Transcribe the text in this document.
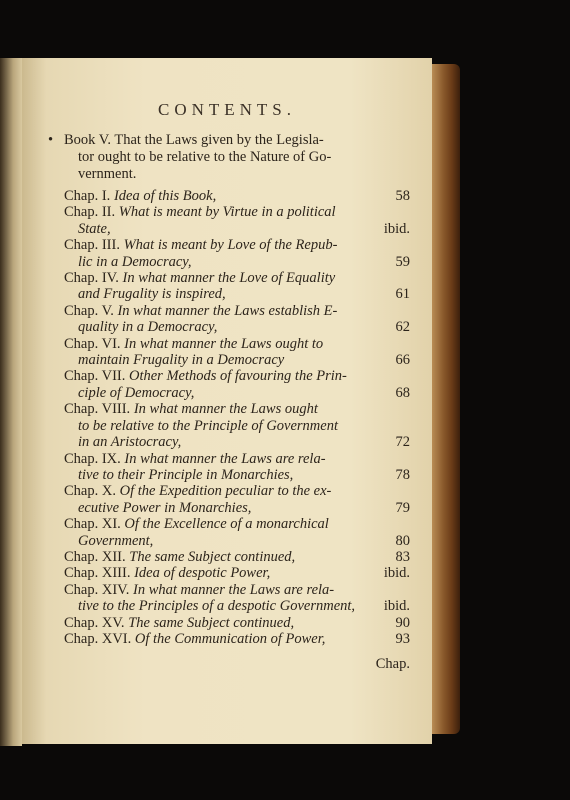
CONTENTS.
• Book V. That the Laws given by the Legisla-
tor ought to be relative to the Nature of Go-
vernment.
Chap. I. Idea of this Book,	58
Chap. II. What is meant by Virtue in a political
State,	ibid.
Chap. III. What is meant by Love of the Repub-
lic in a Democracy,	59
Chap. IV. In what manner the Love of Equality
and Frugality is inspired,	61
Chap. V. In what manner the Laws establish E-
quality in a Democracy,	62
Chap. VI. In what manner the Laws ought to
maintain Frugality in a Democracy	66
Chap. VII. Other Methods of favouring the Prin-
ciple of Democracy,	68
Chap. VIII. In what manner the Laws ought
to be relative to the Principle of Government
in an Aristocracy,	72
Chap. IX. In what manner the Laws are rela-
tive to their Principle in Monarchies,	78
Chap. X. Of the Expedition peculiar to the ex-
ecutive Power in Monarchies,	79
Chap. XI. Of the Excellence of a monarchical
Government,	80
Chap. XII. The same Subject continued,	83
Chap. XIII. Idea of despotic Power,	ibid.
Chap. XIV. In what manner the Laws are rela-
tive to the Principles of a despotic Government, ibid.
Chap. XV. The same Subject continued,	90
Chap. XVI. Of the Communication of Power,	93
Chap.
